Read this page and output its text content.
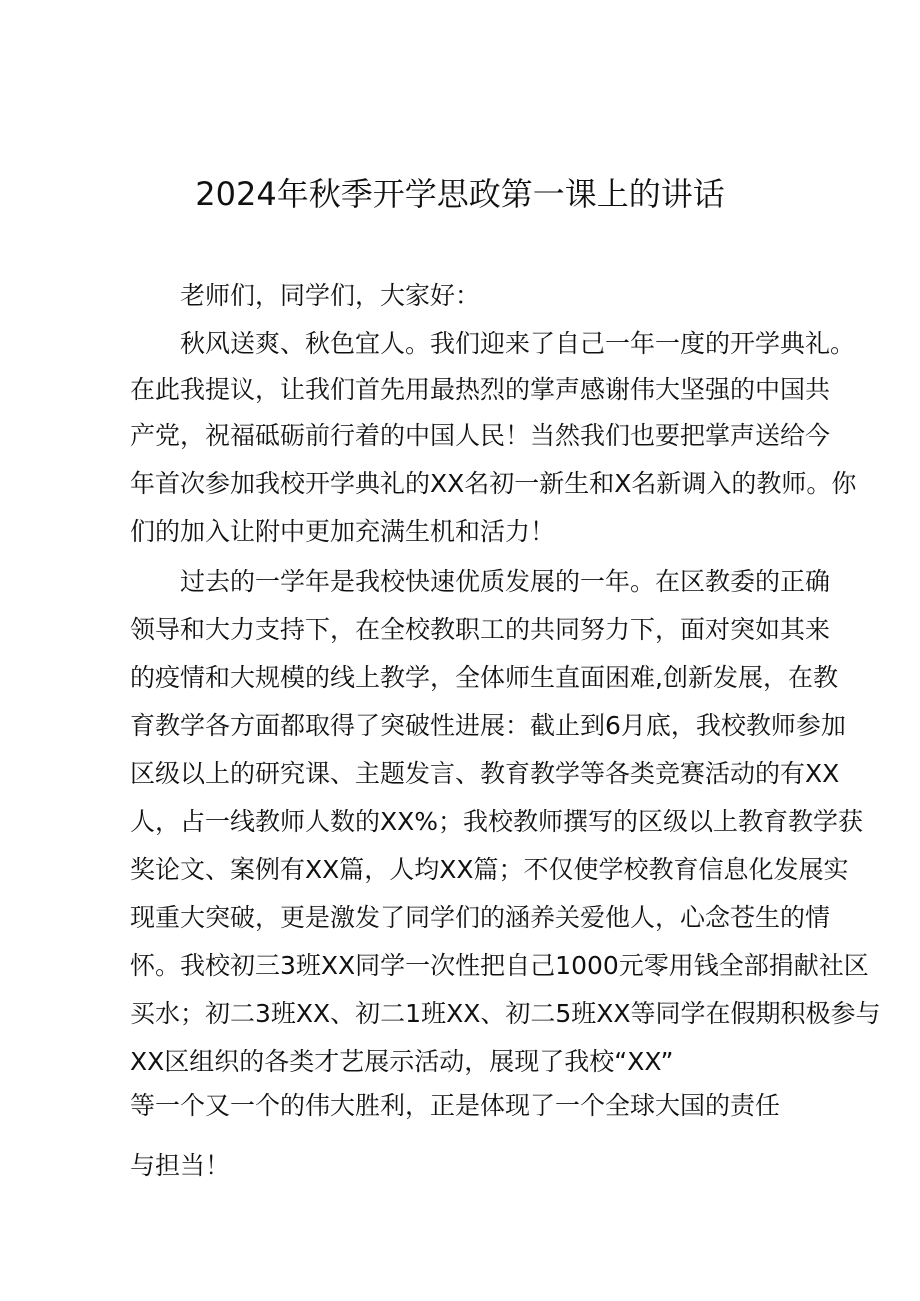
2024年秋季开学思政第一课上的讲话
老师们，同学们，大家好：
秋风送爽、秋色宜人。我们迎来了自己一年一度的开学典礼。
在此我提议，让我们首先用最热烈的掌声感谢伟大坚强的中国共
产党，祝福砥砺前行着的中国人民！当然我们也要把掌声送给今
年首次参加我校开学典礼的XX名初一新生和X名新调入的教师。你
们的加入让附中更加充满生机和活力！
过去的一学年是我校快速优质发展的一年。在区教委的正确
领导和大力支持下，在全校教职工的共同努力下，面对突如其来
的疫情和大规模的线上教学，全体师生直面困难,创新发展，在教
育教学各方面都取得了突破性进展：截止到6月底，我校教师参加
区级以上的研究课、主题发言、教育教学等各类竞赛活动的有XX
人，占一线教师人数的XX%；我校教师撰写的区级以上教育教学获
奖论文、案例有XX篇，人均XX篇；不仅使学校教育信息化发展实
现重大突破，更是激发了同学们的涵养关爱他人，心念苍生的情
怀。我校初三3班XX同学一次性把自己1000元零用钱全部捐献社区
买水；初二3班XX、初二1班XX、初二5班XX等同学在假期积极参与
XX区组织的各类才艺展示活动，展现了我校“XX”
等一个又一个的伟大胜利，正是体现了一个全球大国的责任
与担当！
